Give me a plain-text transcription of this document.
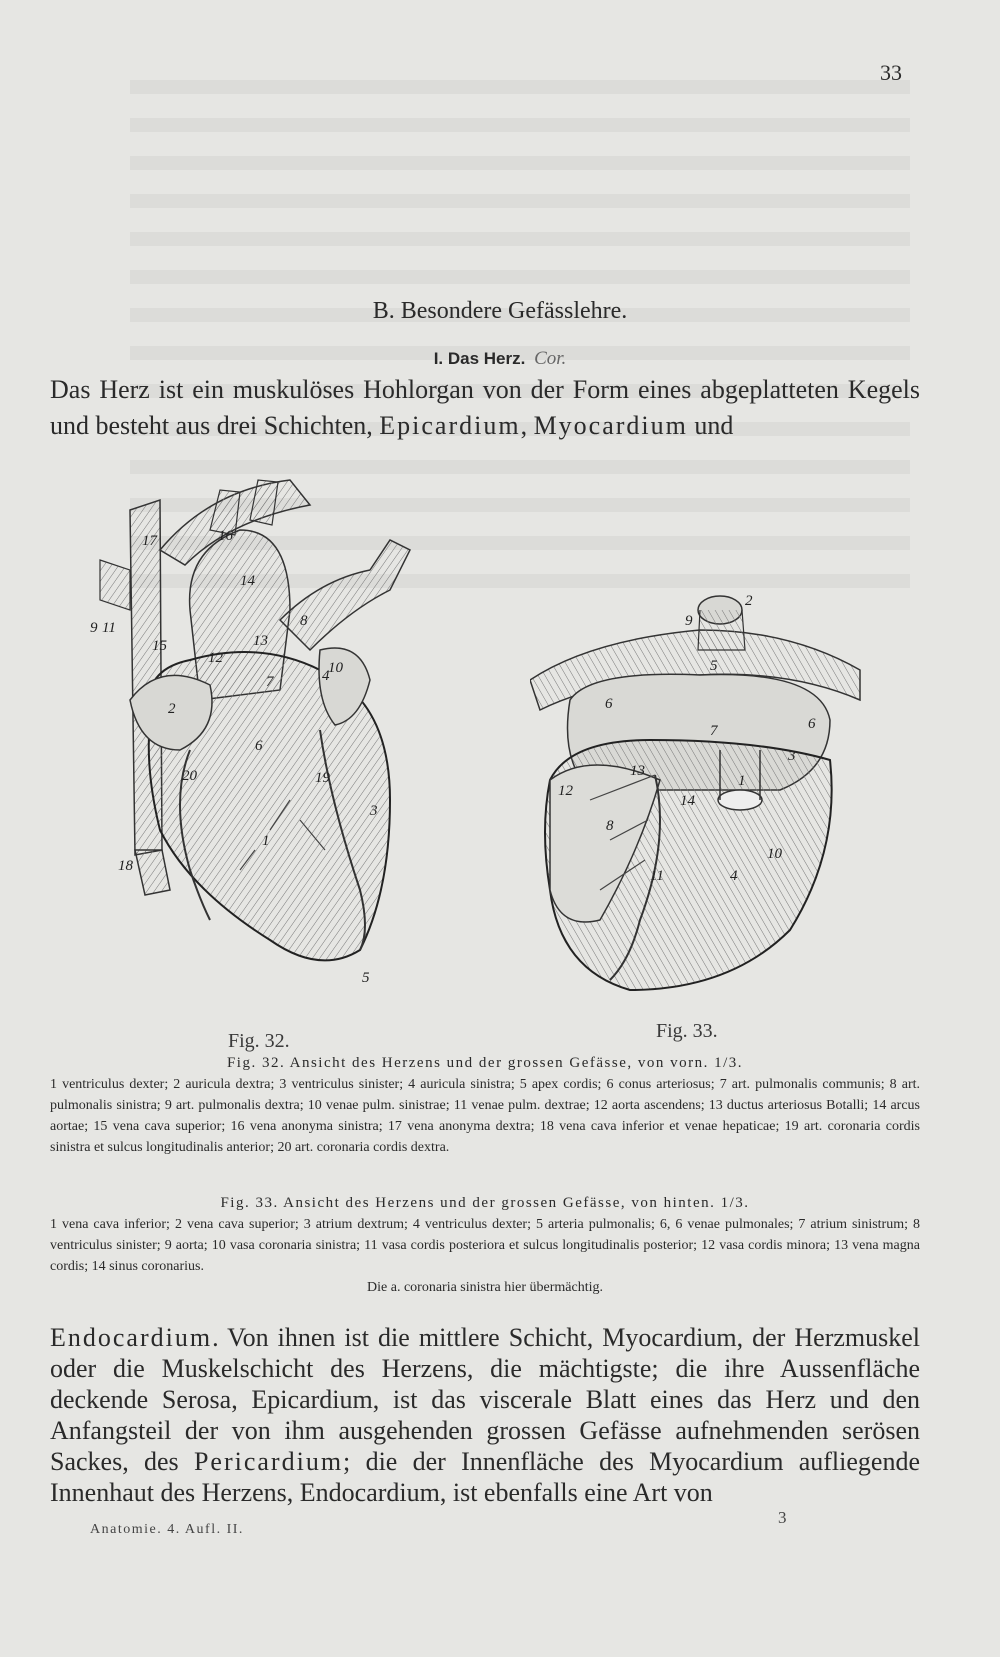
33
B. Besondere Gefässlehre.
I. Das Herz. Cor.
Das Herz ist ein muskulöses Hohlorgan von der Form eines abgeplatteten Kegels und besteht aus drei Schichten, Epicardium, Myocardium und
1
2
3
4
5
6
7
8
9
10
11
12
13
14
15
16
17
18
19
20
Fig. 32.
1
2
3
4
5
6
6
7
8
9
10
11
12
13
14
Fig. 33.
Fig. 32. Ansicht des Herzens und der grossen Gefässe, von vorn. 1/3.
1 ventriculus dexter; 2 auricula dextra; 3 ventriculus sinister; 4 auricula sinistra; 5 apex cordis; 6 conus arteriosus; 7 art. pulmonalis communis; 8 art. pulmonalis sinistra; 9 art. pulmonalis dextra; 10 venae pulm. sinistrae; 11 venae pulm. dextrae; 12 aorta ascendens; 13 ductus arteriosus Botalli; 14 arcus aortae; 15 vena cava superior; 16 vena anonyma sinistra; 17 vena anonyma dextra; 18 vena cava inferior et venae hepaticae; 19 art. coronaria cordis sinistra et sulcus longitudinalis anterior; 20 art. coronaria cordis dextra.
Fig. 33. Ansicht des Herzens und der grossen Gefässe, von hinten. 1/3.
1 vena cava inferior; 2 vena cava superior; 3 atrium dextrum; 4 ventriculus dexter; 5 arteria pulmonalis; 6, 6 venae pulmonales; 7 atrium sinistrum; 8 ventriculus sinister; 9 aorta; 10 vasa coronaria sinistra; 11 vasa cordis posteriora et sulcus longitudinalis posterior; 12 vasa cordis minora; 13 vena magna cordis; 14 sinus coronarius.
Die a. coronaria sinistra hier übermächtig.
Endocardium. Von ihnen ist die mittlere Schicht, Myocardium, der Herzmuskel oder die Muskelschicht des Herzens, die mächtigste; die ihre Aussenfläche deckende Serosa, Epicardium, ist das viscerale Blatt eines das Herz und den Anfangsteil der von ihm ausgehenden grossen Gefässe aufnehmenden serösen Sackes, des Pericardium; die der Innenfläche des Myocardium aufliegende Innenhaut des Herzens, Endocardium, ist ebenfalls eine Art von
Anatomie. 4. Aufl. II.
3
